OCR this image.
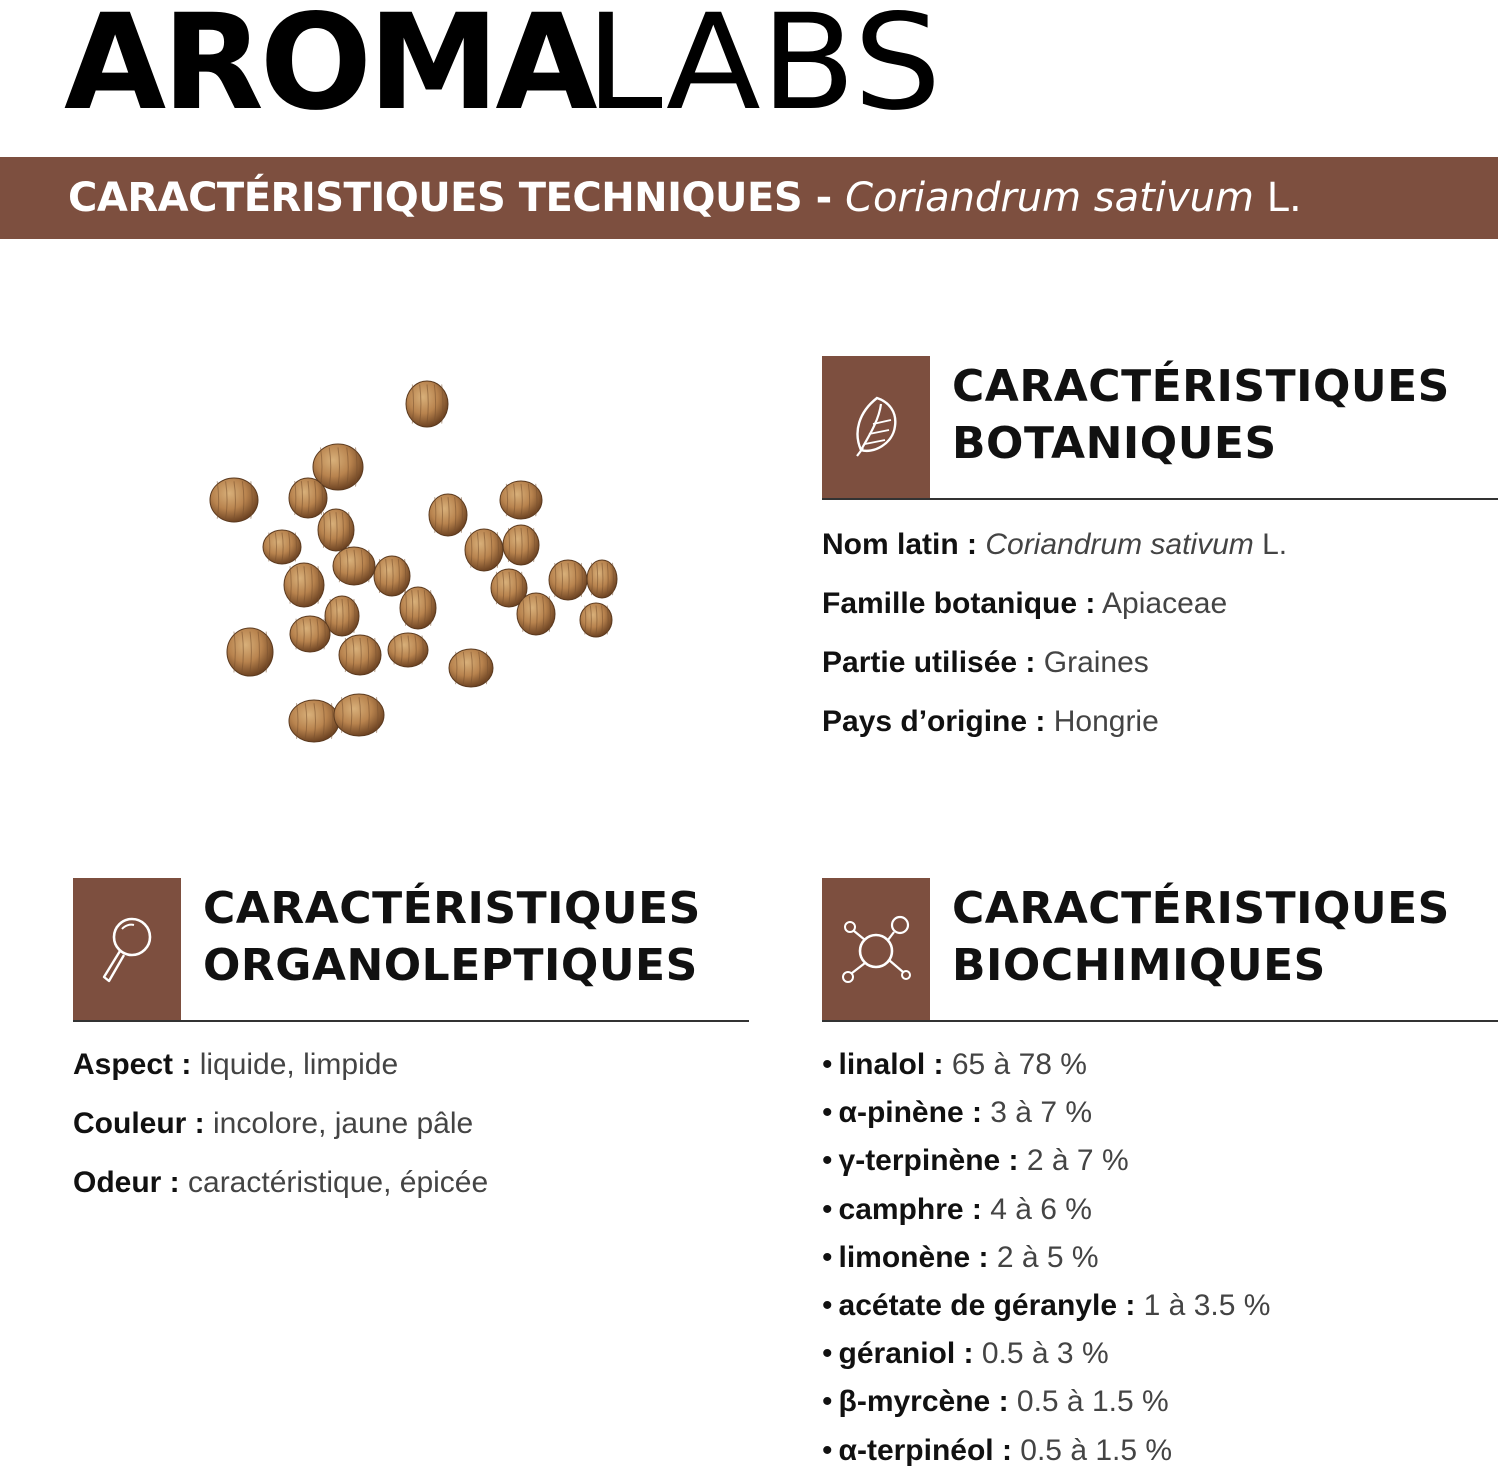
AROMALABS
CARACTÉRISTIQUES TECHNIQUES - Coriandrum sativum L.
CARACTÉRISTIQUES
BOTANIQUES
Nom latin : Coriandrum sativum L.
Famille botanique : Apiaceae
Partie utilisée : Graines
Pays d’origine : Hongrie
CARACTÉRISTIQUES
ORGANOLEPTIQUES
Aspect : liquide, limpide
Couleur : incolore, jaune pâle
Odeur : caractéristique, épicée
CARACTÉRISTIQUES
BIOCHIMIQUES
• linalol : 65 à 78 %
• α-pinène : 3 à 7 %
• γ-terpinène : 2 à 7 %
• camphre : 4 à 6 %
• limonène : 2 à 5 %
• acétate de géranyle : 1 à 3.5 %
• géraniol : 0.5 à 3 %
• β-myrcène : 0.5 à 1.5 %
• α-terpinéol : 0.5 à 1.5 %
